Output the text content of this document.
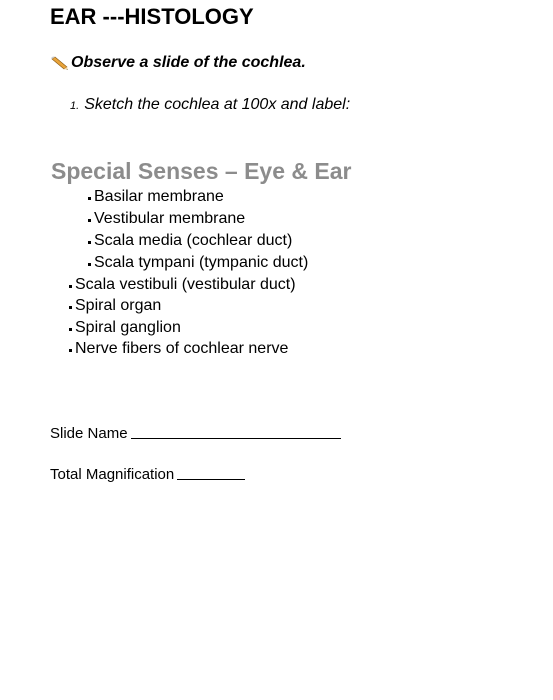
EAR ---HISTOLOGY
Observe a slide of the cochlea.
1. Sketch the cochlea at 100x and label:
Special Senses – Eye & Ear
Basilar membrane
Vestibular membrane
Scala media (cochlear duct)
Scala tympani (tympanic duct)
Scala vestibuli (vestibular duct)
Spiral organ
Spiral ganglion
Nerve fibers of cochlear nerve
Slide Name
Total Magnification
